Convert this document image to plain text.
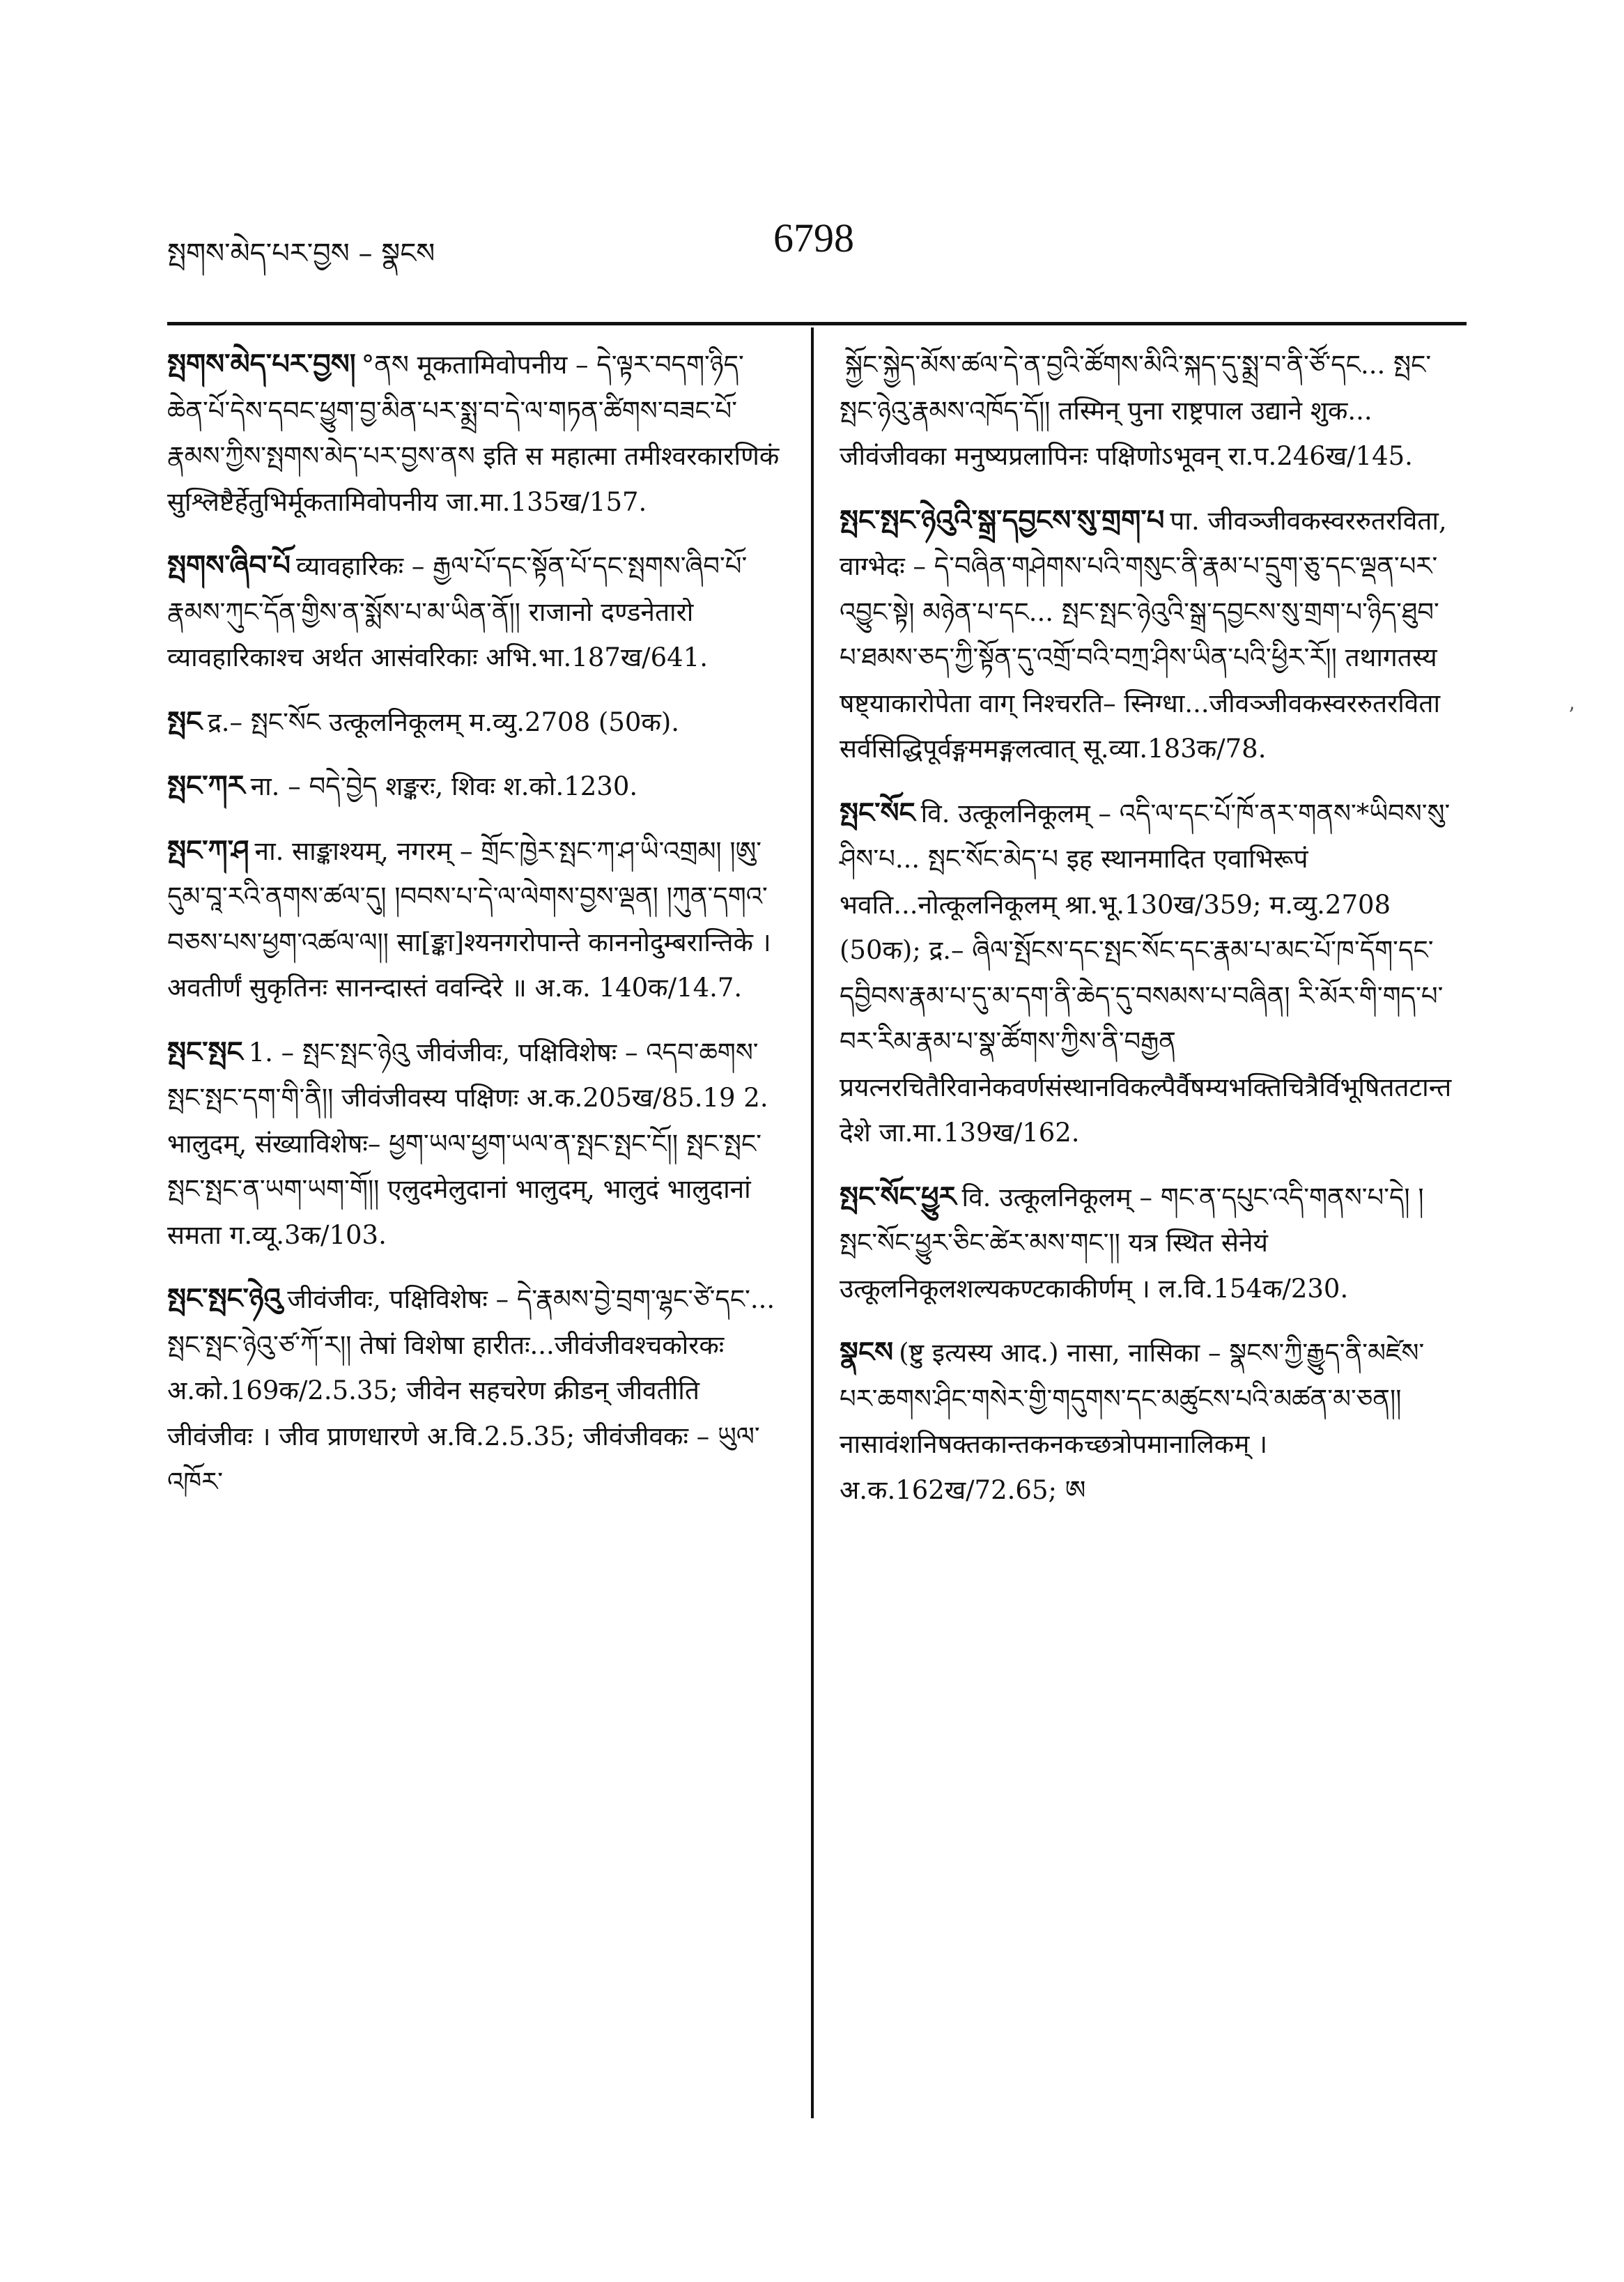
སྤགས་མེད་པར་བྱས – སྣངས	6798

སྤགས་མེད་པར་བྱས། °ནས मूकतामिवोपनीय – དེ་ལྟར་བདག་ཉིད་ཆེན་པོ་དེས་དབང་ཕྱུག་བྱ་མིན་པར་སྨྲ་བ་དེ་ལ་གཏན་ཚིགས་བཟང་པོ་རྣམས་ཀྱིས་སྤགས་མེད་པར་བྱས་ནས इति स महात्मा तमीश्वरकारणिकं सुश्लिष्टैर्हेतुभिर्मूकतामिवोपनीय जा.मा.135ख/157.

སྤགས་ཞིབ་པོ व्यावहारिकः – རྒྱལ་པོ་དང་སྟོན་པོ་དང་སྤགས་ཞིབ་པོ་རྣམས་ཀུང་དོན་གྱིས་ན་སྨོས་པ་མ་ཡིན་ནོ།། राजानो दण्डनेतारो व्यावहारिकाश्च अर्थत आसंवरिकाः अभि.भा.187ख/641.

སྤང द्र.– སྤང་སོང उत्कूलनिकूलम् म.व्यु.2708 (50क).

སྤང་ཀར ना. – བདེ་བྱེད शङ्करः, शिवः श.को.1230.

སྤང་ཀ་ཤ ना. साङ्काश्यम्, नगरम् – གྲོང་ཁྱེར་སྤང་ཀ་ཤ་ཡི་འགྲམ། །ཨུ་དུམ་བཱ་རའི་ནགས་ཚལ་དུ། །བབས་པ་དེ་ལ་ལེགས་བྱས་ལྡན། །ཀུན་དགའ་བཅས་པས་ཕྱག་འཚལ་ལ།། सा[ङ्का]श्यनगरोपान्ते काननोदुम्बरान्तिके । अवतीर्णं सुकृतिनः सानन्दास्तं ववन्दिरे ॥ अ.क. 140क/14.7.

སྤང་སྤང 1. – སྤང་སྤང་ཉེའུ जीवंजीवः, पक्षिविशेषः – འདབ་ཆགས་སྤང་སྤང་དག་གི་ནི།། जीवंजीवस्य पक्षिणः अ.क.205ख/85.19 2. भालुदम्, संख्याविशेषः– ཕྱག་ཡལ་ཕྱག་ཡལ་ན་སྤང་སྤང་ངོ།། སྤང་སྤང་སྤང་སྤང་ན་ཡག་ཡག་གོ།། एलुदमेलुदानां भालुदम्, भालुदं भालुदानां समता ग.व्यू.3क/103.

སྤང་སྤང་ཉེའུ जीवंजीवः, पक्षिविशेषः – དེ་རྣམས་བྱེ་བྲག་ལྷང་ཙེ་དང་... སྤང་སྤང་ཉེའུ་ཙ་ཀོ་ར།། तेषां विशेषा हारीतः...जीवंजीवश्चकोरकः अ.को.169क/2.5.35; जीवेन सहचरेण क्रीडन् जीवतीति जीवंजीवः । जीव प्राणधारणे अ.वि.2.5.35; जीवंजीवकः – ཡུལ་འཁོར་

སྐྱོང་སྐྱེད་མོས་ཚལ་དེ་ན་བྱའི་ཚོགས་མིའི་སྐད་དུ་སྨྲ་བ་ནི་ཙོ་དང... སྤང་སྤང་ཉེའུ་རྣམས་འཁོད་དོ།། तस्मिन् पुना राष्ट्रपाल उद्याने शुक... जीवंजीवका मनुष्यप्रलापिनः पक्षिणोऽभूवन् रा.प.246ख/145.

སྤང་སྤང་ཉེའུའི་སྒྲ་དབྱངས་སུ་གྲག་པ पा. जीवञ्जीवकस्वररुतरविता, वाग्भेदः – དེ་བཞིན་གཤེགས་པའི་གསུང་ནི་རྣམ་པ་དྲུག་ཅུ་དང་ལྡན་པར་འབྱུང་སྟེ། མཉེན་པ་དང... སྤང་སྤང་ཉེའུའི་སྒྲ་དབྱངས་སུ་གྲག་པ་ཉིད་ཐུབ་པ་ཐམས་ཅད་ཀྱི་སྟོན་དུ་འགྲོ་བའི་བཀྲ་ཤིས་ཡིན་པའི་ཕྱིར་རོ།། तथागतस्य षष्ट्याकारोपेता वाग् निश्चरति– स्निग्धा...जीवञ्जीवकस्वररुतरविता सर्वसिद्धिपूर्वङ्गममङ्गलत्वात् सू.व्या.183क/78.

སྤང་སོང वि. उत्कूलनिकूलम् – འདི་ལ་དང་པོ་ཁོ་ནར་གནས་*ཡིབས་སུ་ཤིས་པ... སྤང་སོང་མེད་པ इह स्थानमादित एवाभिरूपं भवति...नोत्कूलनिकूलम् श्रा.भू.130ख/359; म.व्यु.2708 (50क); द्र.– ཞིལ་སྤོངས་དང་སྤང་སོང་དང་རྣམ་པ་མང་པོ་ཁ་དོག་དང་དབྱིབས་རྣམ་པ་དུ་མ་དག་ནི་ཆེད་དུ་བསམས་པ་བཞིན། རི་མོར་གི་གད་པ་བར་རིམ་རྣམ་པ་སྣ་ཚོགས་ཀྱིས་ནི་བརྒྱན प्रयत्नरचितैरिवानेकवर्णसंस्थानविकल्पैर्वैषम्यभक्तिचित्रैर्विभूषिततटान्तदेशे जा.मा.139ख/162.

སྤང་སོང་ཕྱུར वि. उत्कूलनिकूलम् – གང་ན་དཔུང་འདི་གནས་པ་དེ། །སྤང་སོང་ཕྱུར་ཅིང་ཚེར་མས་གང་།། यत्र स्थित सेनेयं उत्कूलनिकूलशल्यकण्टकाकीर्णम् । ल.वि.154क/230.

སྣངས (ष्टु इत्यस्य आद.) नासा, नासिका – སྣངས་ཀྱི་རྒྱུད་ནི་མཛེས་པར་ཆགས་ཤིང་གསེར་གྱི་གདུགས་དང་མཚུངས་པའི་མཚན་མ་ཅན།། नासावंशनिषक्तकान्तकनकच्छत्रोपमानालिकम् । अ.क.162ख/72.65; ཨ

ʼ
